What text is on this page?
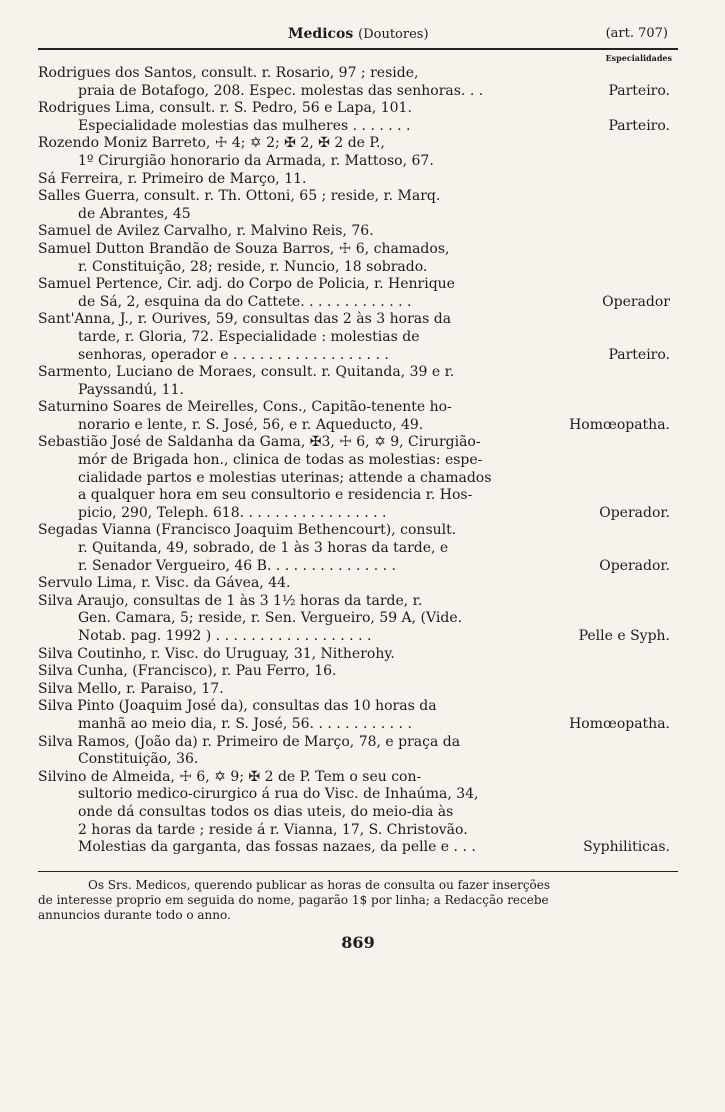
Medicos (Doutores)	(art. 707)
Especialidades
Rodrigues dos Santos, consult. r. Rosario, 97 ; reside,
praia de Botafogo, 208. Espec. molestas das senhoras. . .	Parteiro.
Rodrigues Lima, consult. r. S. Pedro, 56 e Lapa, 101.
Especialidade molestias das mulheres . . . . . . .	Parteiro.
Rozendo Moniz Barreto, ☩ 4; ✡ 2; ✠ 2, ✠ 2 de P.,
1º Cirurgião honorario da Armada, r. Mattoso, 67.
Sá Ferreira, r. Primeiro de Março, 11.
Salles Guerra, consult. r. Th. Ottoni, 65 ; reside, r. Marq.
de Abrantes, 45
Samuel de Avilez Carvalho, r. Malvino Reis, 76.
Samuel Dutton Brandão de Souza Barros, ☩ 6, chamados,
r. Constituição, 28; reside, r. Nuncio, 18 sobrado.
Samuel Pertence, Cir. adj. do Corpo de Policia, r. Henrique
de Sá, 2, esquina da do Cattete. . . . . . . . . . . . .	Operador
Sant'Anna, J., r. Ourives, 59, consultas das 2 às 3 horas da
tarde, r. Gloria, 72. Especialidade : molestias de
senhoras, operador e . . . . . . . . . . . . . . . . . .	Parteiro.
Sarmento, Luciano de Moraes, consult. r. Quitanda, 39 e r.
Payssandú, 11.
Saturnino Soares de Meirelles, Cons., Capitão-tenente ho-
norario e lente, r. S. José, 56, e r. Aqueducto, 49.	Homœopatha.
Sebastião José de Saldanha da Gama, ✠3, ☩ 6, ✡ 9, Cirurgião-
mór de Brigada hon., clinica de todas as molestias: espe-
cialidade partos e molestias uterinas; attende a chamados
a qualquer hora em seu consultorio e residencia r. Hos-
picio, 290, Teleph. 618. . . . . . . . . . . . . . . . .	Operador.
Segadas Vianna (Francisco Joaquim Bethencourt), consult.
r. Quitanda, 49, sobrado, de 1 às 3 horas da tarde, e
r. Senador Vergueiro, 46 B. . . . . . . . . . . . . . .	Operador.
Servulo Lima, r. Visc. da Gávea, 44.
Silva Araujo, consultas de 1 às 3 1½ horas da tarde, r.
Gen. Camara, 5; reside, r. Sen. Vergueiro, 59 A, (Vide.
Notab. pag. 1992 ) . . . . . . . . . . . . . . . . . .	Pelle e Syph.
Silva Coutinho, r. Visc. do Uruguay, 31, Nitherohy.
Silva Cunha, (Francisco), r. Pau Ferro, 16.
Silva Mello, r. Paraiso, 17.
Silva Pinto (Joaquim José da), consultas das 10 horas da
manhã ao meio dia, r. S. José, 56. . . . . . . . . . . .	Homœopatha.
Silva Ramos, (João da) r. Primeiro de Março, 78, e praça da
Constituição, 36.
Silvino de Almeida, ☩ 6, ✡ 9; ✠ 2 de P. Tem o seu con-
sultorio medico-cirurgico á rua do Visc. de Inhaúma, 34,
onde dá consultas todos os dias uteis, do meio-dia às
2 horas da tarde ; reside á r. Vianna, 17, S. Christovão.
Molestias da garganta, das fossas nazaes, da pelle e . . .	Syphiliticas.
Os Srs. Medicos, querendo publicar as horas de consulta ou fazer inserções
de interesse proprio em seguida do nome, pagarão 1$ por linha; a Redacção recebe
annuncios durante todo o anno.
869
